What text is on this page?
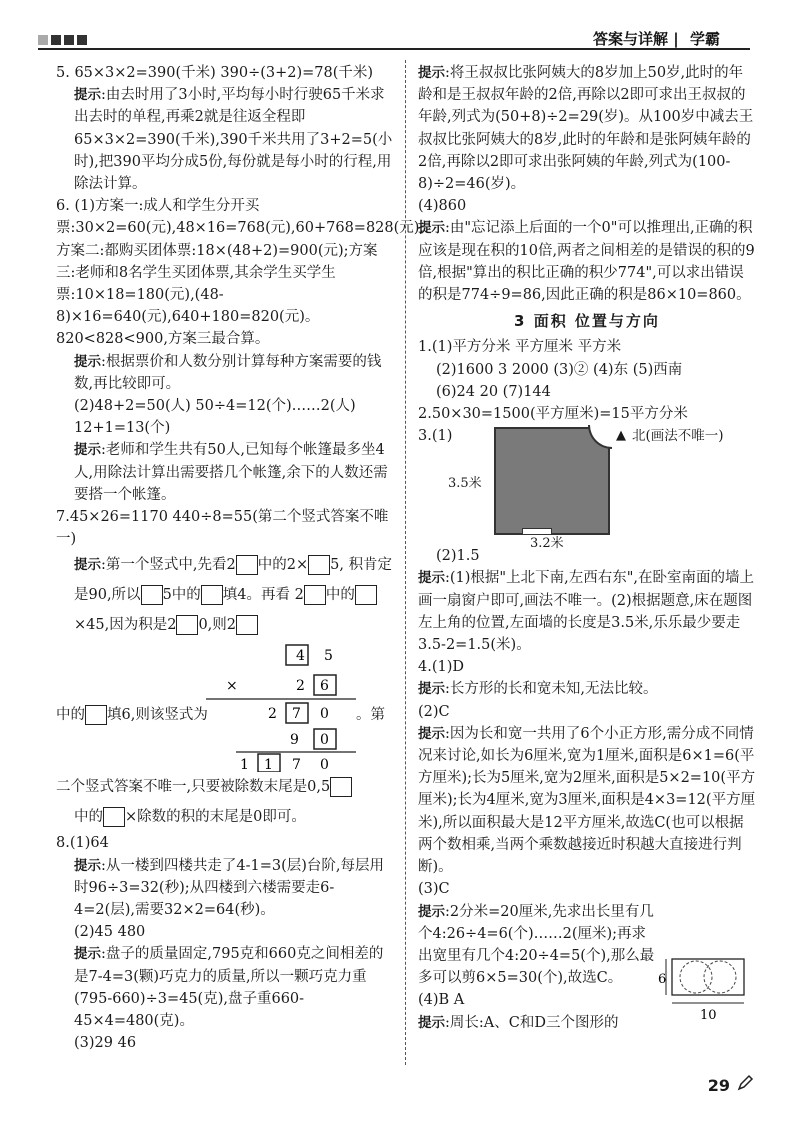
答案与详解 | 学霸
5. 65×3×2=390(千米) 390÷(3+2)=78(千米)
提示:由去时用了3小时,平均每小时行驶65千米求出去时的单程,再乘2就是往返全程即65×3×2=390(千米),390千米共用了3+2=5(小时),把390平均分成5份,每份就是每小时的行程,用除法计算。
6. (1)方案一:成人和学生分开买票:30×2=60(元),48×16=768(元),60+768=828(元);方案二:都购买团体票:18×(48+2)=900(元);方案三:老师和8名学生买团体票,其余学生买学生票:10×18=180(元),(48-8)×16=640(元),640+180=820(元)。820<828<900,方案三最合算。
提示:根据票价和人数分别计算每种方案需要的钱数,再比较即可。
(2)48+2=50(人) 50÷4=12(个)……2(人)
12+1=13(个)
提示:老师和学生共有50人,已知每个帐篷最多坐4人,用除法计算出需要搭几个帐篷,余下的人数还需要搭一个帐篷。
7.45×26=1170 440÷8=55(第二个竖式答案不唯一)
提示:第一个竖式中,先看2 中的2× 5, 积肯定是90,所以 5中的 填4。再看 2 中的×45,因为积是2 0,则2
4 5
×	2 6
2 7 0
9 0
1 1 7 0
中的 填6,则该竖式为	。第
二个竖式答案不唯一,只要被除数末尾是0,5
中的 ×除数的积的末尾是0即可。
8.(1)64
提示:从一楼到四楼共走了4-1=3(层)台阶,每层用时96÷3=32(秒);从四楼到六楼需要走6-4=2(层),需要32×2=64(秒)。
(2)45 480
提示:盘子的质量固定,795克和660克之间相差的是7-4=3(颗)巧克力的质量,所以一颗巧克力重(795-660)÷3=45(克),盘子重660-45×4=480(克)。
(3)29 46
提示:将王叔叔比张阿姨大的8岁加上50岁,此时的年龄和是王叔叔年龄的2倍,再除以2即可求出王叔叔的年龄,列式为(50+8)÷2=29(岁)。从100岁中减去王叔叔比张阿姨大的8岁,此时的年龄和是张阿姨年龄的2倍,再除以2即可求出张阿姨的年龄,列式为(100-8)÷2=46(岁)。
(4)860
提示:由"忘记添上后面的一个0"可以推理出,正确的积应该是现在积的10倍,两者之间相差的是错误的积的9倍,根据"算出的积比正确的积少774",可以求出错误的积是774÷9=86,因此正确的积是86×10=860。
3 面积 位置与方向
1.(1)平方分米 平方厘米 平方米
(2)1600 3 2000 (3)② (4)东 (5)西南
(6)24 20 (7)144
2.50×30=1500(平方厘米)=15平方分米
3.(1)
3.5米
3.2米
▲ 北(画法不唯一)
(2)1.5
提示:(1)根据"上北下南,左西右东",在卧室南面的墙上画一扇窗户即可,画法不唯一。(2)根据题意,床在题图左上角的位置,左面墙的长度是3.5米,乐乐最少要走3.5-2=1.5(米)。
4.(1)D
提示:长方形的长和宽未知,无法比较。
(2)C
提示:因为长和宽一共用了6个小正方形,需分成不同情况来讨论,如长为6厘米,宽为1厘米,面积是6×1=6(平方厘米);长为5厘米,宽为2厘米,面积是5×2=10(平方厘米);长为4厘米,宽为3厘米,面积是4×3=12(平方厘米),所以面积最大是12平方厘米,故选C(也可以根据两个数相乘,当两个乘数越接近时积越大直接进行判断)。
(3)C
提示:2分米=20厘米,先求出长里有几个4:26÷4=6(个)……2(厘米);再求出宽里有几个4:20÷4=5(个),那么最多可以剪6×5=30(个),故选C。
(4)B A
提示:周长:A、C和D三个图形的
6
10
29
